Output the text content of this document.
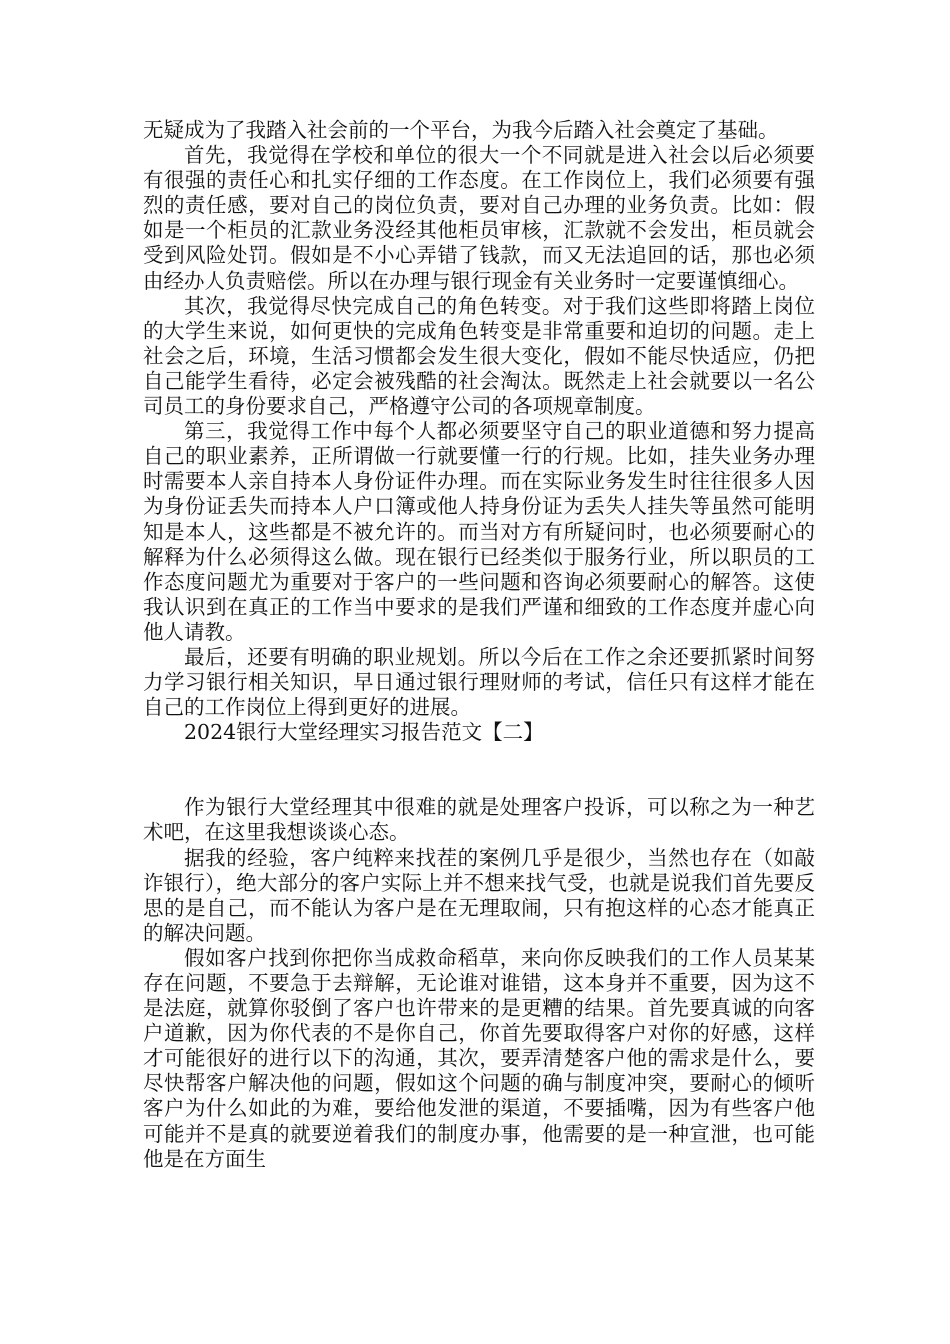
无疑成为了我踏入社会前的一个平台，为我今后踏入社会奠定了基础。

首先，我觉得在学校和单位的很大一个不同就是进入社会以后必须要有很强的责任心和扎实仔细的工作态度。在工作岗位上，我们必须要有强烈的责任感，要对自己的岗位负责，要对自己办理的业务负责。比如：假如是一个柜员的汇款业务没经其他柜员审核，汇款就不会发出，柜员就会受到风险处罚。假如是不小心弄错了钱款，而又无法追回的话，那也必须由经办人负责赔偿。所以在办理与银行现金有关业务时一定要谨慎细心。

其次，我觉得尽快完成自己的角色转变。对于我们这些即将踏上岗位的大学生来说，如何更快的完成角色转变是非常重要和迫切的问题。走上社会之后，环境，生活习惯都会发生很大变化，假如不能尽快适应，仍把自己能学生看待，必定会被残酷的社会淘汰。既然走上社会就要以一名公司员工的身份要求自己，严格遵守公司的各项规章制度。

第三，我觉得工作中每个人都必须要坚守自己的职业道德和努力提高自己的职业素养，正所谓做一行就要懂一行的行规。比如，挂失业务办理时需要本人亲自持本人身份证件办理。而在实际业务发生时往往很多人因为身份证丢失而持本人户口簿或他人持身份证为丢失人挂失等虽然可能明知是本人，这些都是不被允许的。而当对方有所疑问时，也必须要耐心的解释为什么必须得这么做。现在银行已经类似于服务行业，所以职员的工作态度问题尤为重要对于客户的一些问题和咨询必须要耐心的解答。这使我认识到在真正的工作当中要求的是我们严谨和细致的工作态度并虚心向他人请教。

最后，还要有明确的职业规划。所以今后在工作之余还要抓紧时间努力学习银行相关知识，早日通过银行理财师的考试，信任只有这样才能在自己的工作岗位上得到更好的进展。

2024银行大堂经理实习报告范文【二】

作为银行大堂经理其中很难的就是处理客户投诉，可以称之为一种艺术吧，在这里我想谈谈心态。

据我的经验，客户纯粹来找茬的案例几乎是很少，当然也存在（如敲诈银行），绝大部分的客户实际上并不想来找气受，也就是说我们首先要反思的是自己，而不能认为客户是在无理取闹，只有抱这样的心态才能真正的解决问题。

假如客户找到你把你当成救命稻草，来向你反映我们的工作人员某某存在问题，不要急于去辩解，无论谁对谁错，这本身并不重要，因为这不是法庭，就算你驳倒了客户也许带来的是更糟的结果。首先要真诚的向客户道歉，因为你代表的不是你自己，你首先要取得客户对你的好感，这样才可能很好的进行以下的沟通，其次，要弄清楚客户他的需求是什么，要尽快帮客户解决他的问题，假如这个问题的确与制度冲突，要耐心的倾听客户为什么如此的为难，要给他发泄的渠道，不要插嘴，因为有些客户他可能并不是真的就要逆着我们的制度办事，他需要的是一种宣泄，也可能他是在方面生
